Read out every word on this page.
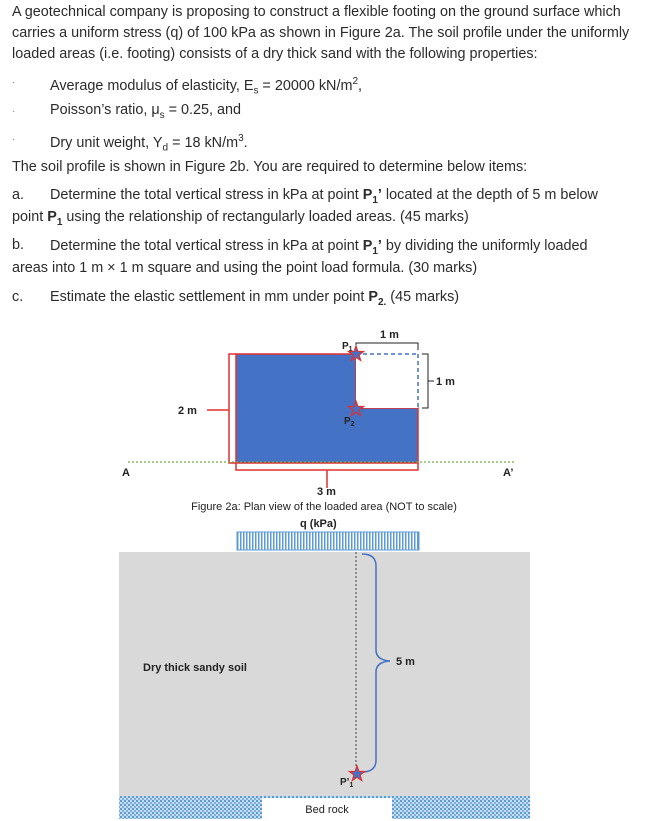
A geotechnical company is proposing to construct a flexible footing on the ground surface which carries a uniform stress (q) of 100 kPa as shown in Figure 2a. The soil profile under the uniformly loaded areas (i.e. footing) consists of a dry thick sand with the following properties:
· Average modulus of elasticity, $E_s = 20000$ $kN/m^2$,
· Poisson’s ratio, $\mu_s = 0.25$, and
· Dry unit weight, $Y_d = 18$ $kN/m^3$.
The soil profile is shown in Figure 2b. You are required to determine below items:
a. Determine the total vertical stress in kPa at point $P_1$’ located at the depth of 5 m below
point $P_1$ using the relationship of rectangularly loaded areas. (45 marks)
b. Determine the total vertical stress in kPa at point $P_1$’ by dividing the uniformly loaded
areas into 1 m × 1 m square and using the point load formula. (30 marks)
c. Estimate the elastic settlement in mm under point $P_{2.}$ (45 marks)
2 m
3 m
1 m
1 m
$P_1$
$P_2$
A	A’
Figure 2a: Plan view of the loaded area (NOT to scale)
q (kPa)
Dry thick sandy soil	5 m
$P’_1$
Bed rock
